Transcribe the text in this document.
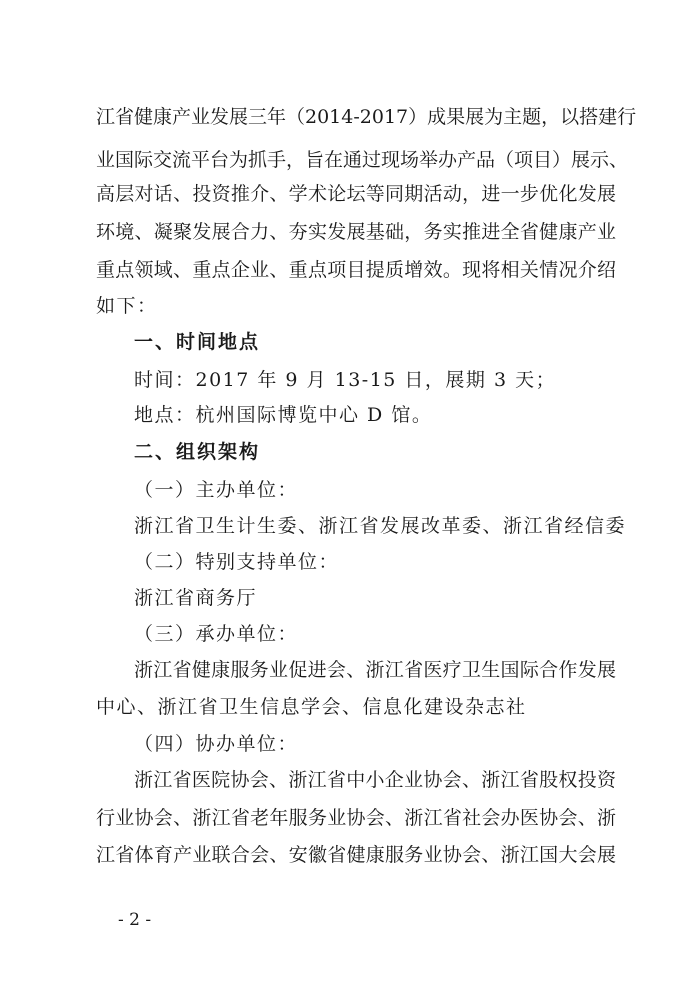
江省健康产业发展三年（2014-2017）成果展为主题，以搭建行
业国际交流平台为抓手，旨在通过现场举办产品（项目）展示、
高层对话、投资推介、学术论坛等同期活动，进一步优化发展
环境、凝聚发展合力、夯实发展基础，务实推进全省健康产业
重点领域、重点企业、重点项目提质增效。现将相关情况介绍
如下：
一、时间地点
时间：2017 年 9 月 13-15 日，展期 3 天；
地点：杭州国际博览中心 D 馆。
二、组织架构
（一）主办单位：
浙江省卫生计生委、浙江省发展改革委、浙江省经信委
（二）特别支持单位：
浙江省商务厅
（三）承办单位：
浙江省健康服务业促进会、浙江省医疗卫生国际合作发展
中心、浙江省卫生信息学会、信息化建设杂志社
（四）协办单位：
浙江省医院协会、浙江省中小企业协会、浙江省股权投资
行业协会、浙江省老年服务业协会、浙江省社会办医协会、浙
江省体育产业联合会、安徽省健康服务业协会、浙江国大会展
- 2 -
